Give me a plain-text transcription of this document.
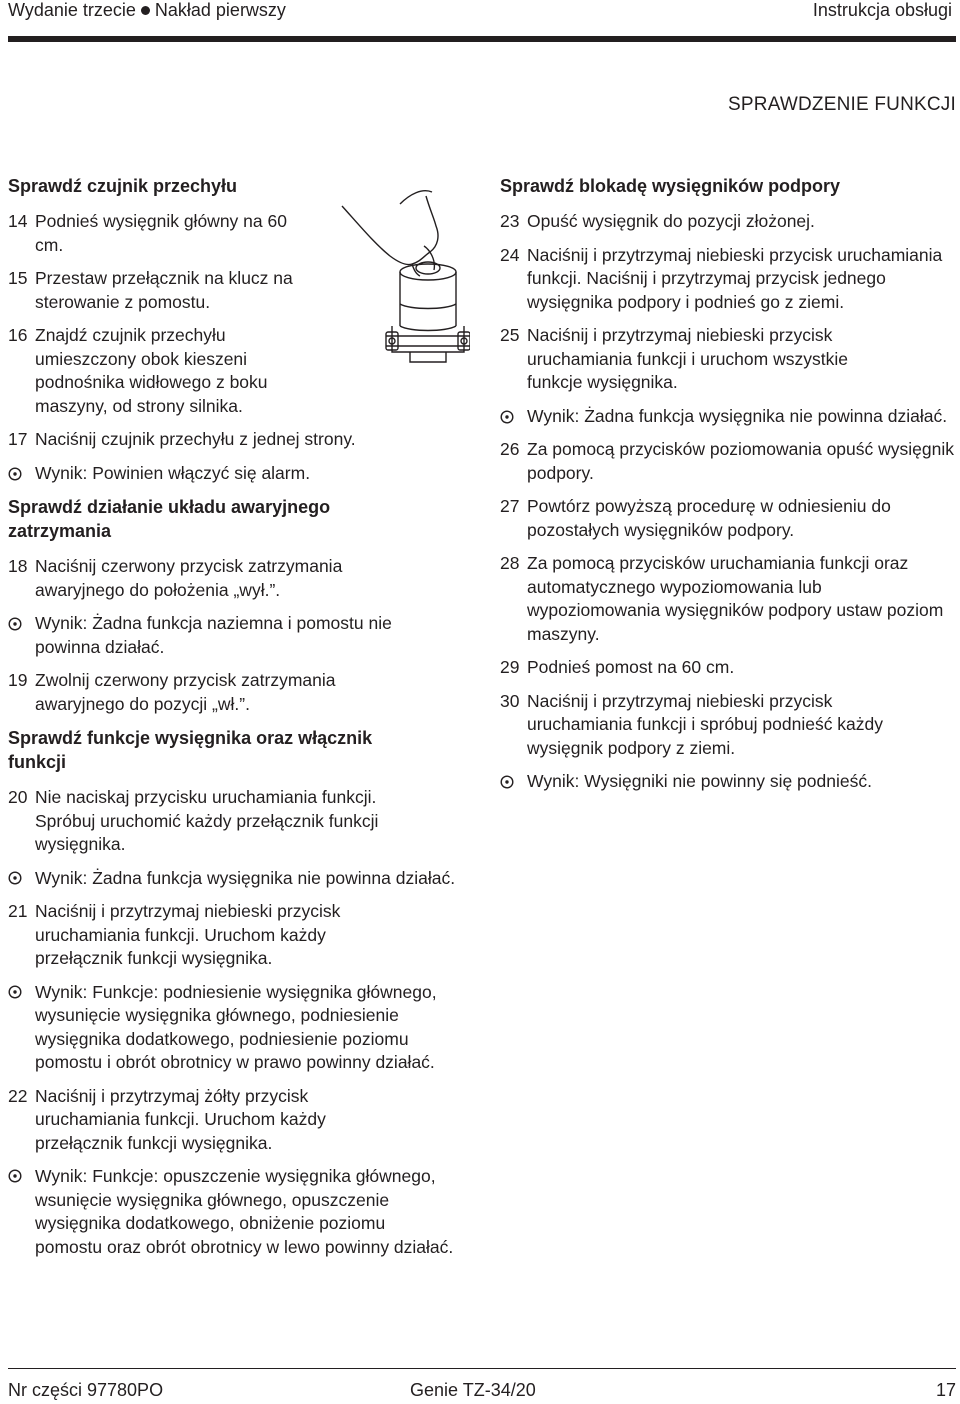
Wydanie trzecie Nakład pierwszy	Instrukcja obsługi
SPRAWDZENIE FUNKCJI
Sprawdź czujnik przechyłu
14 Podnieś wysięgnik główny na 60 cm.
15 Przestaw przełącznik na klucz na sterowanie z pomostu.
16 Znajdź czujnik przechyłu umieszczony obok kieszeni podnośnika widłowego z boku maszyny, od strony silnika.
17 Naciśnij czujnik przechyłu z jednej strony.
Wynik: Powinien włączyć się alarm.
Sprawdź działanie układu awaryjnego zatrzymania
18 Naciśnij czerwony przycisk zatrzymania awaryjnego do położenia „wył.”.
Wynik: Żadna funkcja naziemna i pomostu nie powinna działać.
19 Zwolnij czerwony przycisk zatrzymania awaryjnego do pozycji „wł.”.
Sprawdź funkcje wysięgnika oraz włącznik funkcji
20 Nie naciskaj przycisku uruchamiania funkcji. Spróbuj uruchomić każdy przełącznik funkcji wysięgnika.
Wynik: Żadna funkcja wysięgnika nie powinna działać.
21 Naciśnij i przytrzymaj niebieski przycisk uruchamiania funkcji. Uruchom każdy przełącznik funkcji wysięgnika.
Wynik: Funkcje: podniesienie wysięgnika głównego, wysunięcie wysięgnika głównego, podniesienie wysięgnika dodatkowego, podniesienie poziomu pomostu i obrót obrotnicy w prawo powinny działać.
22 Naciśnij i przytrzymaj żółty przycisk uruchamiania funkcji. Uruchom każdy przełącznik funkcji wysięgnika.
Wynik: Funkcje: opuszczenie wysięgnika głównego, wsunięcie wysięgnika głównego, opuszczenie wysięgnika dodatkowego, obniżenie poziomu pomostu oraz obrót obrotnicy w lewo powinny działać.
Sprawdź blokadę wysięgników podpory
23 Opuść wysięgnik do pozycji złożonej.
24 Naciśnij i przytrzymaj niebieski przycisk uruchamiania funkcji. Naciśnij i przytrzymaj przycisk jednego wysięgnika podpory i podnieś go z ziemi.
25 Naciśnij i przytrzymaj niebieski przycisk uruchamiania funkcji i uruchom wszystkie funkcje wysięgnika.
Wynik: Żadna funkcja wysięgnika nie powinna działać.
26 Za pomocą przycisków poziomowania opuść wysięgnik podpory.
27 Powtórz powyższą procedurę w odniesieniu do pozostałych wysięgników podpory.
28 Za pomocą przycisków uruchamiania funkcji oraz automatycznego wypoziomowania lub wypoziomowania wysięgników podpory ustaw poziom maszyny.
29 Podnieś pomost na 60 cm.
30 Naciśnij i przytrzymaj niebieski przycisk uruchamiania funkcji i spróbuj podnieść każdy wysięgnik podpory z ziemi.
Wynik: Wysięgniki nie powinny się podnieść.
Nr części 97780PO	Genie TZ-34/20	17
